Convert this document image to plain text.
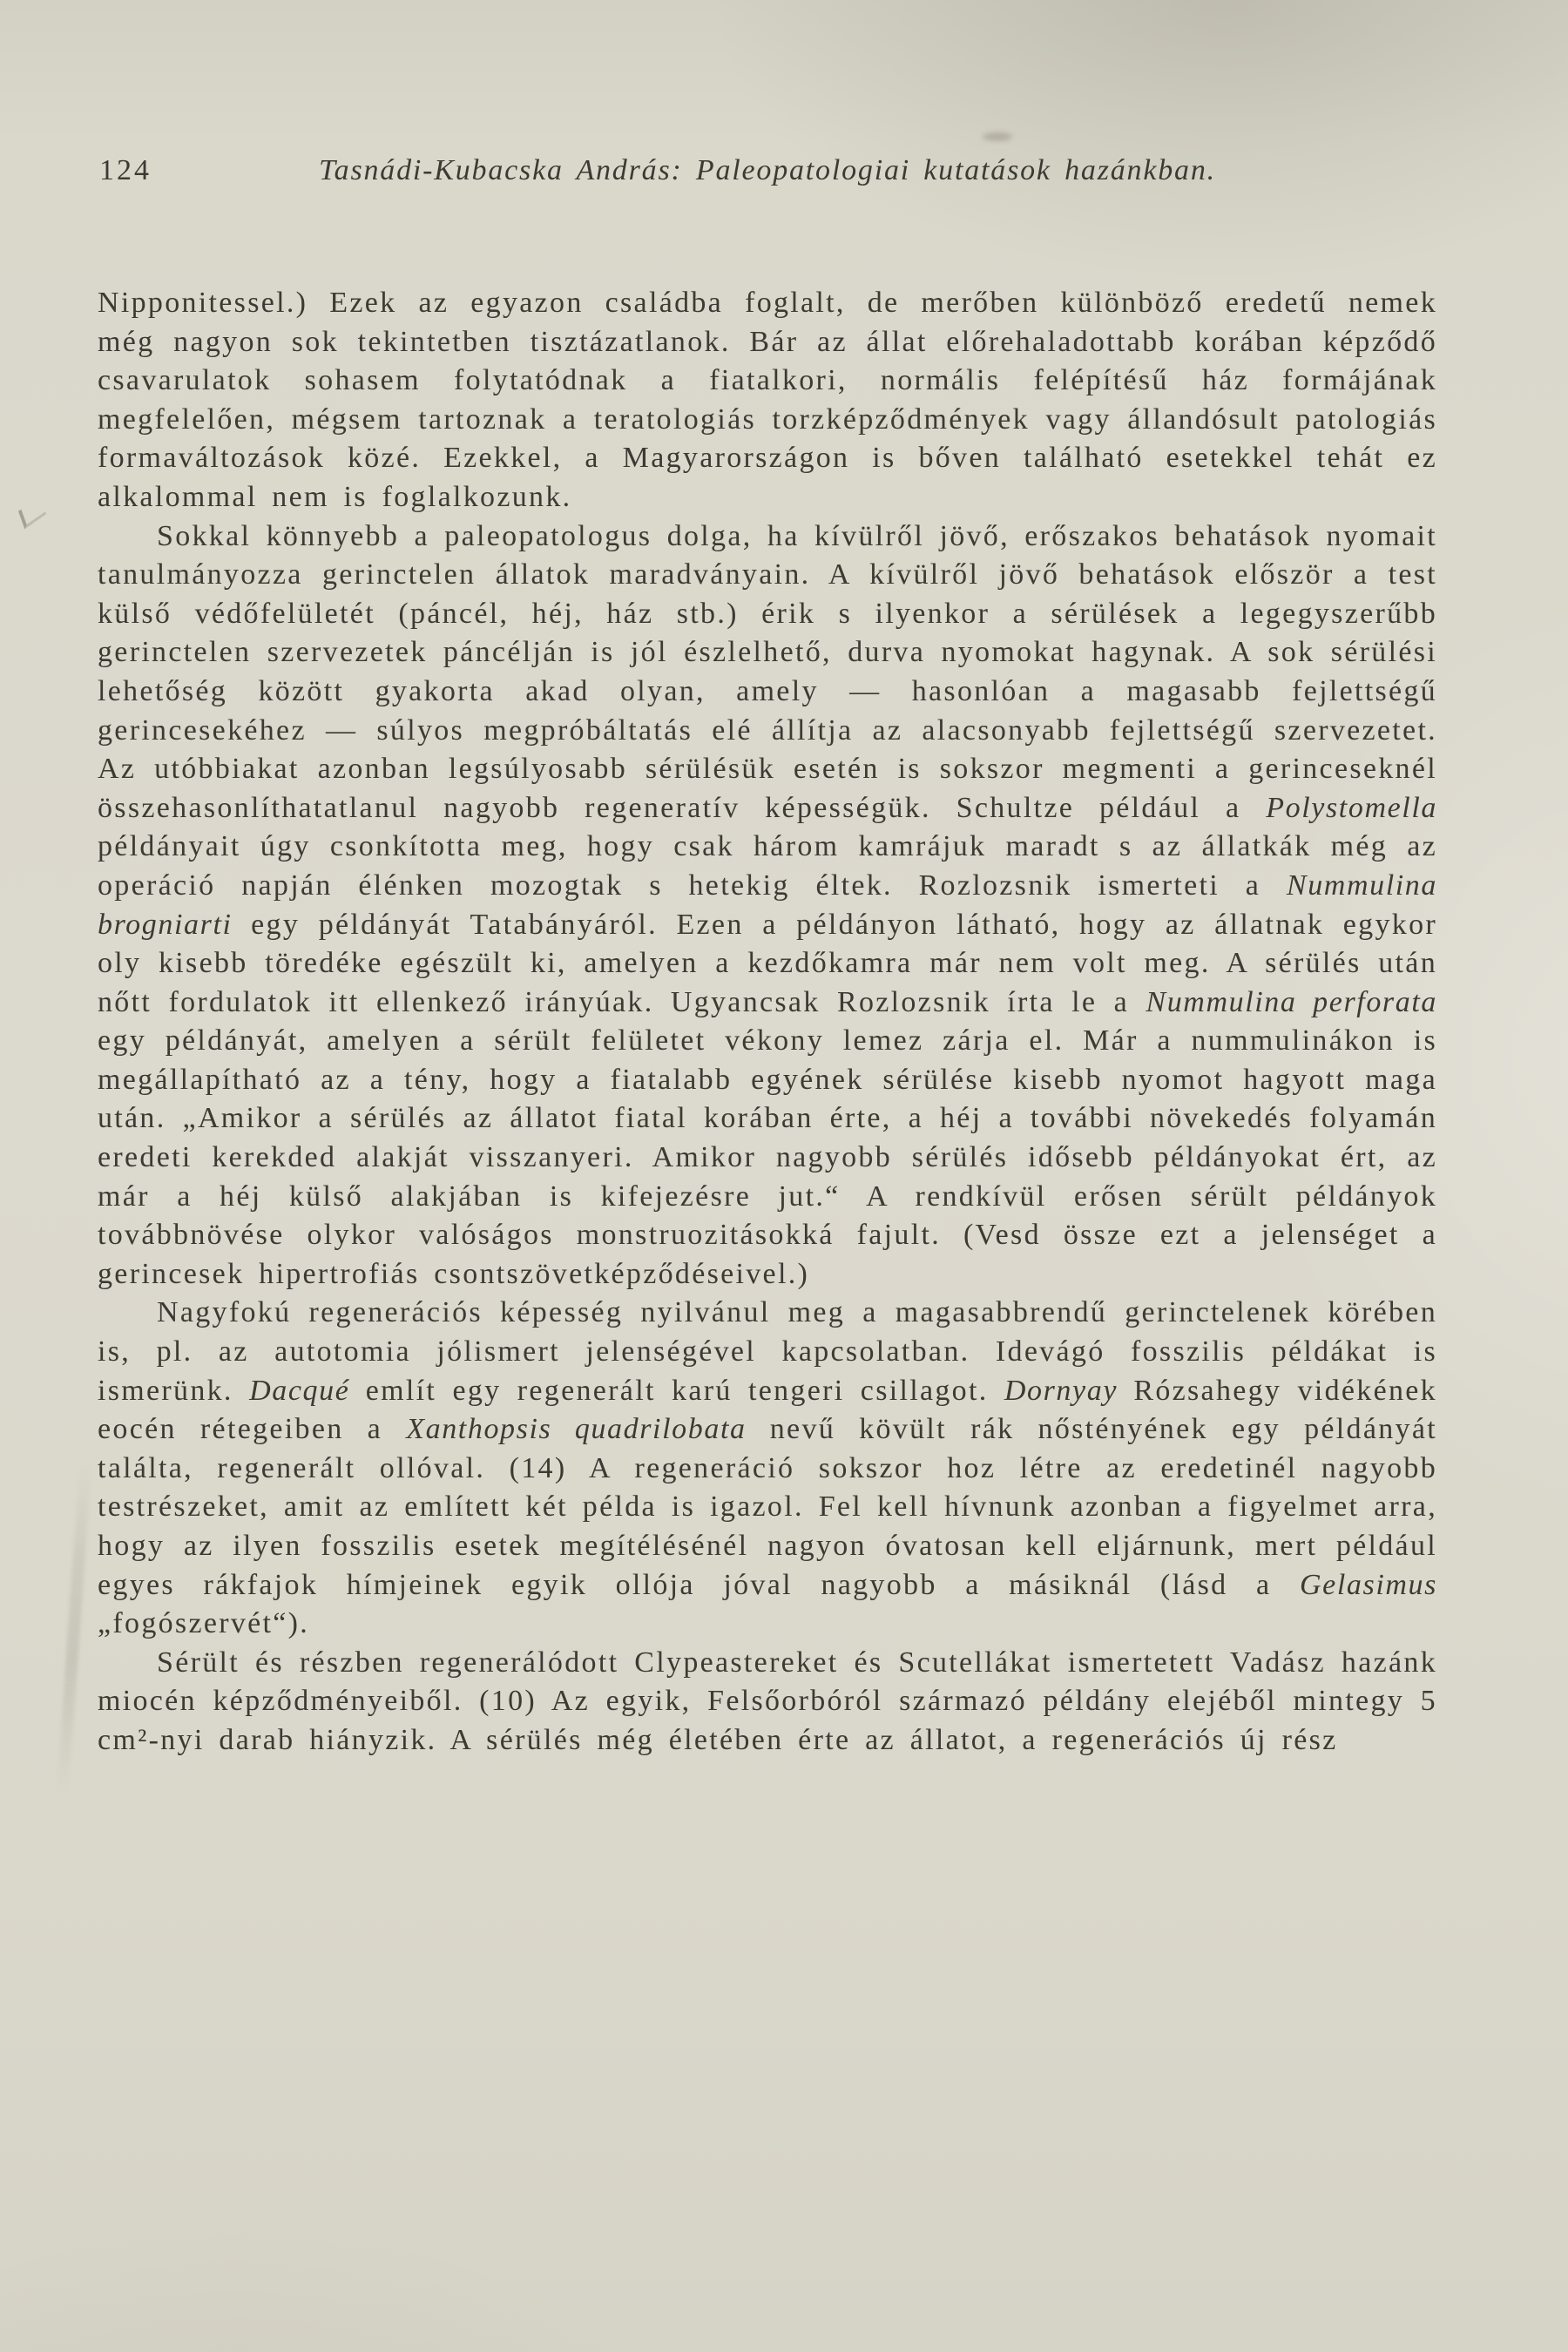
124	Tasnádi-Kubacska András: Paleopatologiai kutatások hazánkban.

Nipponitessel.) Ezek az egyazon családba foglalt, de merőben különböző eredetű nemek még nagyon sok tekintetben tisztázatlanok. Bár az állat előrehaladottabb korában képződő csavarulatok sohasem folytatódnak a fiatalkori, normális felépítésű ház formájának megfelelően, mégsem tartoznak a teratologiás torzképződmények vagy állandósult patologiás formaváltozások közé. Ezekkel, a Magyarországon is bőven található esetekkel tehát ez alkalommal nem is foglalkozunk.

Sokkal könnyebb a paleopatologus dolga, ha kívülről jövő, erőszakos behatások nyomait tanulmányozza gerinctelen állatok maradványain. A kívülről jövő behatások először a test külső védőfelületét (páncél, héj, ház stb.) érik s ilyenkor a sérülések a legegyszerűbb gerinctelen szervezetek páncélján is jól észlelhető, durva nyomokat hagynak. A sok sérülési lehetőség között gyakorta akad olyan, amely — hasonlóan a magasabb fejlettségű gerincesekéhez — súlyos megpróbáltatás elé állítja az alacsonyabb fejlettségű szervezetet. Az utóbbiakat azonban legsúlyosabb sérülésük esetén is sokszor megmenti a gerinceseknél összehasonlíthatatlanul nagyobb regeneratív képességük. Schultze például a Polystomella példányait úgy csonkította meg, hogy csak három kamrájuk maradt s az állatkák még az operáció napján élénken mozogtak s hetekig éltek. Rozlozsnik ismerteti a Nummulina brogniarti egy példányát Tatabányáról. Ezen a példányon látható, hogy az állatnak egykor oly kisebb töredéke egészült ki, amelyen a kezdőkamra már nem volt meg. A sérülés után nőtt fordulatok itt ellenkező irányúak. Ugyancsak Rozlozsnik írta le a Nummulina perforata egy példányát, amelyen a sérült felületet vékony lemez zárja el. Már a nummulinákon is megállapítható az a tény, hogy a fiatalabb egyének sérülése kisebb nyomot hagyott maga után. „Amikor a sérülés az állatot fiatal korában érte, a héj a további növekedés folyamán eredeti kerekded alakját visszanyeri. Amikor nagyobb sérülés idősebb példányokat ért, az már a héj külső alakjában is kifejezésre jut.“ A rendkívül erősen sérült példányok továbbnövése olykor valóságos monstruozitásokká fajult. (Vesd össze ezt a jelenséget a gerincesek hipertrofiás csontszövetképződéseivel.)

Nagyfokú regenerációs képesség nyilvánul meg a magasabbrendű gerinctelenek körében is, pl. az autotomia jólismert jelenségével kapcsolatban. Idevágó fosszilis példákat is ismerünk. Dacqué említ egy regenerált karú tengeri csillagot. Dornyay Rózsahegy vidékének eocén rétegeiben a Xanthopsis quadrilobata nevű kövült rák nőstényének egy példányát találta, regenerált ollóval. (14) A regeneráció sokszor hoz létre az eredetinél nagyobb testrészeket, amit az említett két példa is igazol. Fel kell hívnunk azonban a figyelmet arra, hogy az ilyen fosszilis esetek megítélésénél nagyon óvatosan kell eljárnunk, mert például egyes rákfajok hímjeinek egyik ollója jóval nagyobb a másiknál (lásd a Gelasimus „fogószervét“).

Sérült és részben regenerálódott Clypeastereket és Scutellákat ismertetett Vadász hazánk miocén képződményeiből. (10) Az egyik, Felsőorbóról származó példány elejéből mintegy 5 cm²-nyi darab hiányzik. A sérülés még életében érte az állatot, a regenerációs új rész
